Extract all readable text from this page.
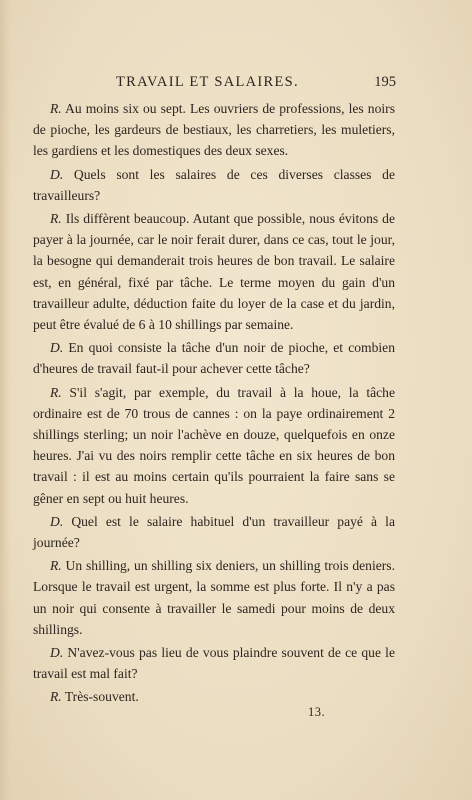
TRAVAIL ET SALAIRES.	195

R. Au moins six ou sept. Les ouvriers de professions, les noirs de pioche, les gardeurs de bestiaux, les charretiers, les muletiers, les gardiens et les domestiques des deux sexes.

D. Quels sont les salaires de ces diverses classes de travailleurs?

R. Ils diffèrent beaucoup. Autant que possible, nous évitons de payer à la journée, car le noir ferait durer, dans ce cas, tout le jour, la besogne qui demanderait trois heures de bon travail. Le salaire est, en général, fixé par tâche. Le terme moyen du gain d'un travailleur adulte, déduction faite du loyer de la case et du jardin, peut être évalué de 6 à 10 shillings par semaine.

D. En quoi consiste la tâche d'un noir de pioche, et combien d'heures de travail faut-il pour achever cette tâche?

R. S'il s'agit, par exemple, du travail à la houe, la tâche ordinaire est de 70 trous de cannes : on la paye ordinairement 2 shillings sterling; un noir l'achève en douze, quelquefois en onze heures. J'ai vu des noirs remplir cette tâche en six heures de bon travail : il est au moins certain qu'ils pourraient la faire sans se gêner en sept ou huit heures.

D. Quel est le salaire habituel d'un travailleur payé à la journée?

R. Un shilling, un shilling six deniers, un shilling trois deniers. Lorsque le travail est urgent, la somme est plus forte. Il n'y a pas un noir qui consente à travailler le samedi pour moins de deux shillings.

D. N'avez-vous pas lieu de vous plaindre souvent de ce que le travail est mal fait?

R. Très-souvent.

13.
